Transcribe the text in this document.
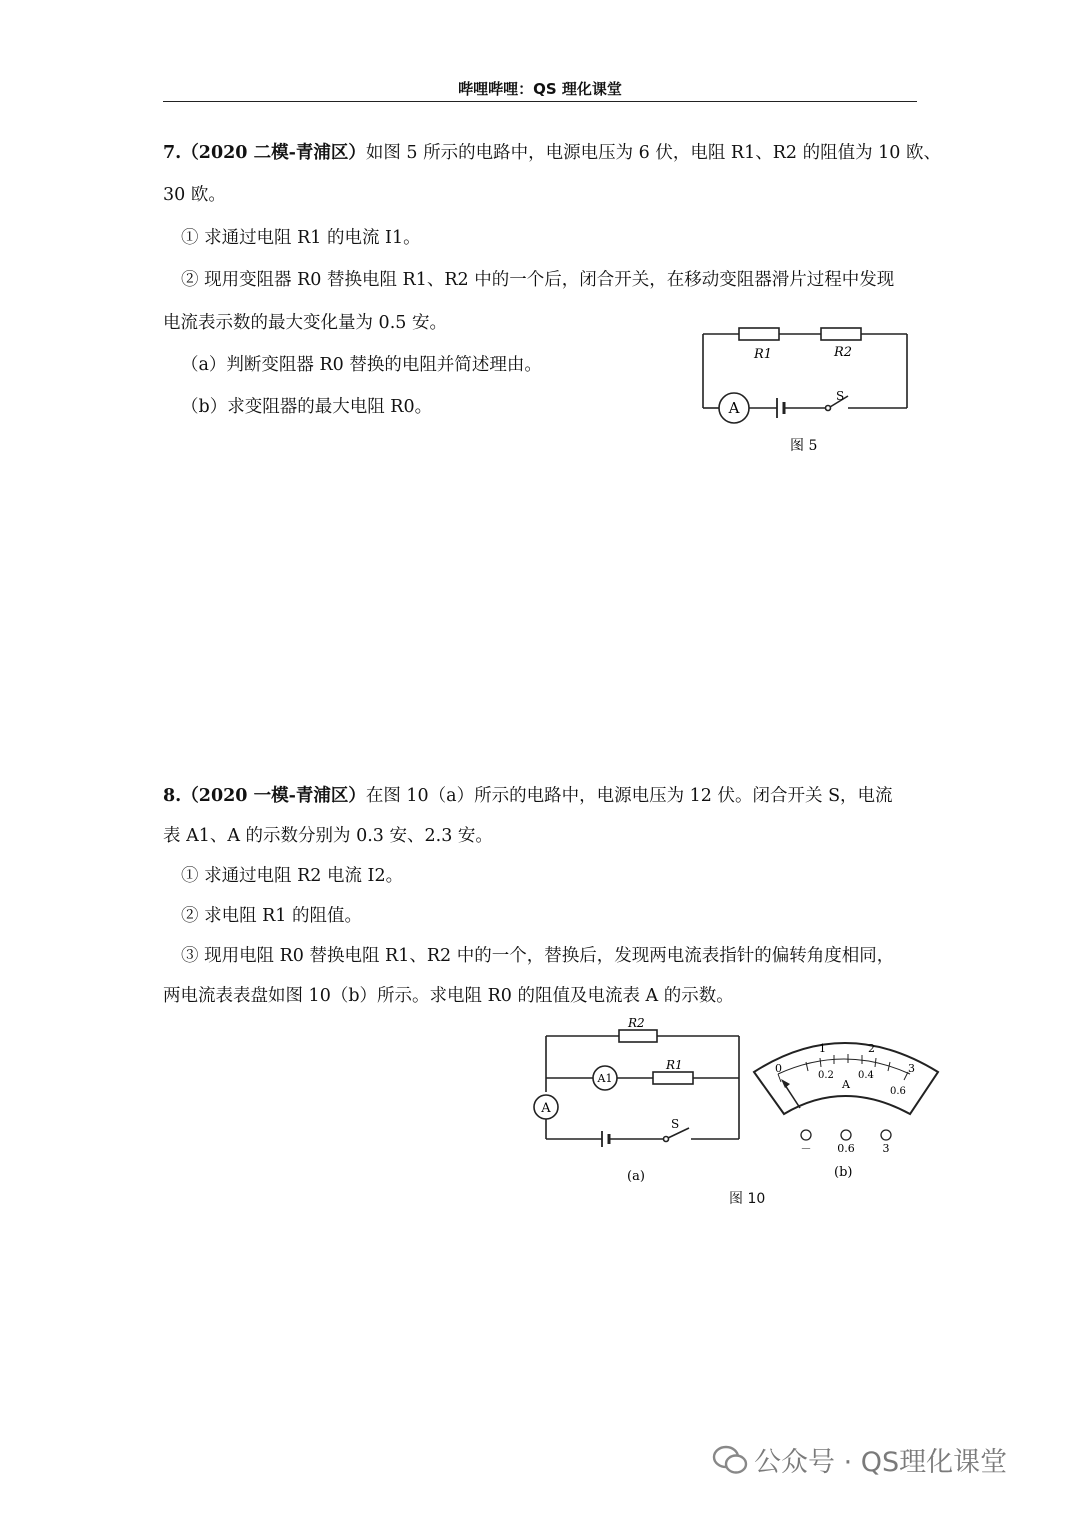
哔哩哔哩：QS 理化课堂
7.（2020 二模-青浦区）如图 5 所示的电路中，电源电压为 6 伏，电阻 R1、R2 的阻值为 10 欧、
30 欧。
① 求通过电阻 R1 的电流 I1。
② 现用变阻器 R0 替换电阻 R1、R2 中的一个后，闭合开关，在移动变阻器滑片过程中发现
电流表示数的最大变化量为 0.5 安。
（a）判断变阻器 R0 替换的电阻并简述理由。
（b）求变阻器的最大电阻 R0。
R1	R2
A
S
图 5
8.（2020 一模-青浦区）在图 10（a）所示的电路中，电源电压为 12 伏。闭合开关 S，电流
表 A1、A 的示数分别为 0.3 安、2.3 安。
① 求通过电阻 R2 电流 I2。
② 求电阻 R1 的阻值。
③ 现用电阻 R0 替换电阻 R1、R2 中的一个，替换后，发现两电流表指针的偏转角度相同，
两电流表表盘如图 10（b）所示。求电阻 R0 的阻值及电流表 A 的示数。
R2
R1
A1
A
S
(a)
0
1	2
3
0.2 0.4
0.6
A
－ 0.6	3
(b)
图 10
公众号 · QS理化课堂
